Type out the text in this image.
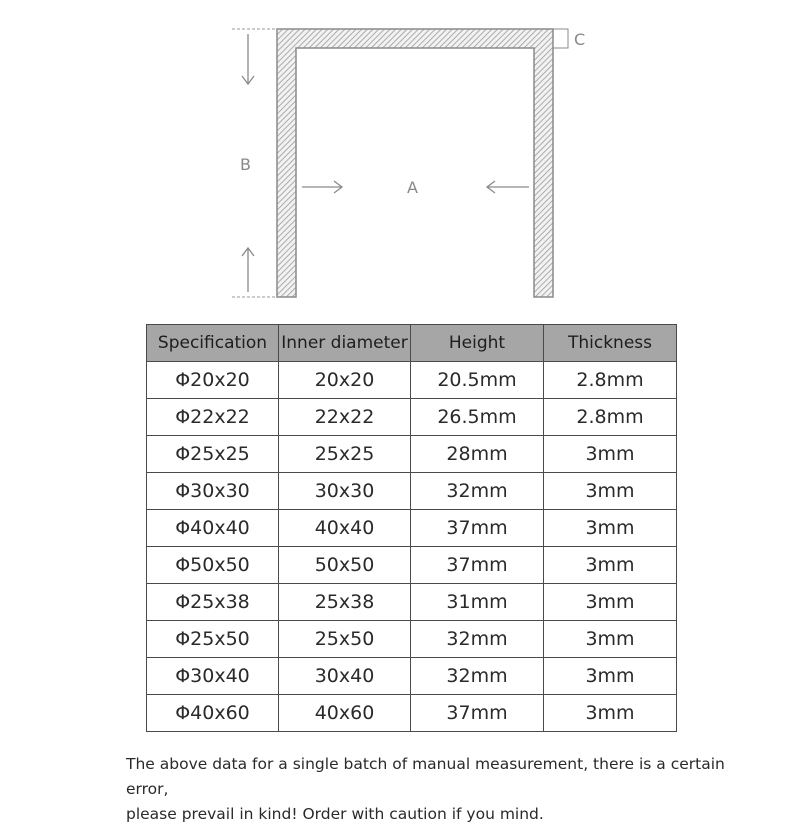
B
A
C
Specification	Inner diameter	Height	Thickness
Φ20x20	20x20	20.5mm	2.8mm
Φ22x22	22x22	26.5mm	2.8mm
Φ25x25	25x25	28mm	3mm
Φ30x30	30x30	32mm	3mm
Φ40x40	40x40	37mm	3mm
Φ50x50	50x50	37mm	3mm
Φ25x38	25x38	31mm	3mm
Φ25x50	25x50	32mm	3mm
Φ30x40	30x40	32mm	3mm
Φ40x60	40x60	37mm	3mm
The above data for a single batch of manual measurement, there is a certain error,
please prevail in kind! Order with caution if you mind.
